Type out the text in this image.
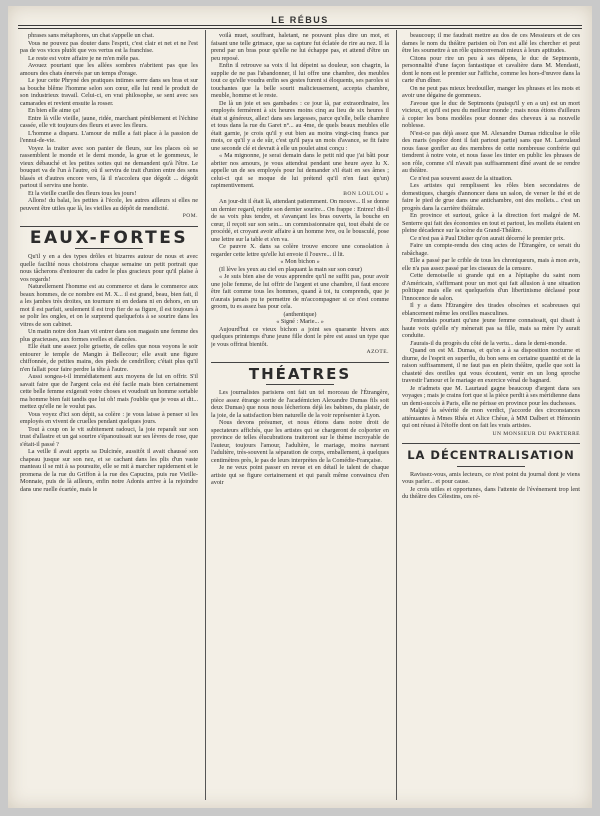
LE RÉBUS

phrases sans métaphores, un chat s'appelle un chat.

Vous ne pouvez pas douter dans l'esprit, c'est clair et net et ne l'est pas de vos vices plutôt que vos vertus est la franchise.

Le reste est votre affaire je ne m'en mêle pas.

Avouez pourtant que les allées sombres n'abritent pas que les amours des chats énervés par un temps d'orage.

Le jour cette Phryné des pratiques intimes serre dans ses bras et sur sa bouche blême l'homme selon son cœur, elle lui rend le produit de son industrieux travail. Celui-ci, en vrai philosophe, se sent avec ses camarades et revient ensuite la rosser.

En bien elle aime ça!

Entre là ville vieille, jaune, ridée, marchant péniblement et l'échine cassée, elle vit toujours des fleurs et avec les fleurs.

L'homme a disparu. L'amour de mille a fait place à la passion de l'ennui-de-vie.

Voyez la traiter avec son panier de fleurs, sur les places où se rassemblent le monde et le demi monde, la grue et le gommeux, le vieux débauché et les petites sottes qui ne demandent qu'à l'être. Le bouquet va de l'un à l'autre, où il servira de trait d'union entre des sens blasés et d'autres encore vers, là il n'accolera que dégoût ... dégoût partout il servira une honte.

Et la vieille cueille des fleurs tous les jours!

Allons! du balai, les petites à l'école, les autres ailleurs si elles ne peuvent être utiles que là, les vieilles au dépôt de mendicité.

POM.

EAUX-FORTES

Qu'il y en a des types drôles et bizarres autour de nous et avec quelle facilité nous choisirons chaque semaine un petit portrait que nous tâcherons d'entourer du cadre le plus gracieux pour qu'il plaise à vos regards!

Naturellement l'homme est au commerce et dans le commerce aux beaux hommes, de ce nombre est M. X... il est grand, beau, bien fait, il a les jambes très droites, un tournure ni en dedans ni en dehors, en un mot il est parfait, seulement il est trop fier de sa figure, il est toujours à se polir les ongles, et on le surprend quelquefois à se sourire dans les vitres de son cabinet.

Un matin notre don Juan vit entrer dans son magasin une femme des plus gracieuses, aux formes svelles et élancées.

Elle était une assez jolie grisette, de celles que nous voyons le soir entourer le temple de Mangin à Bellecour; elle avait une figure chiffonnée, de petites mains, des pieds de cendrillon; c'était plus qu'il n'en fallait pour faire perdre la tête à l'autre.

Aussi songea-t-il immédiatement aux moyens de lui en offrir. S'il savait faire que de l'argent cela est été facile mais bien certainement cette belle femme exigerait votre choses et voudrait un homme sortable ma homme bien fait tandis que lui oh! mais j'oublie que je vous ai dit... mettez qu'elle ne le voulut pas.

Vous voyez d'ici son dépit, sa colère : je vous laisse à penser si les employés en vivent de cruelles pendant quelques jours.

Tout à coup on le vit subitement radouci, la joie reparaît sur son trust d'allastre et un gai sourire s'épanouissait sur ses lèvres de rose, que s'était-il passé ?

La veille il avait appris sa Dulcinée, aussitôt il avait chaussé son chapeau jusque sur son nez, et se cachant dans les plis d'un vaste manteau il se mit à sa poursuite, elle se mit à marcher rapidement et le promena de la rue du Griffon à la rue des Capucins, puis rue Vieille-Monnaie, puis de là ailleurs, enfin notre Adonis arrive à la rejoindre dans une ruelle écartée, mais le

voilà muet, souffrant, haletant, ne pouvant plus dire un mot, et faisant une telle grimace, que sa capture fut éclatée de rire au nez. Il la prend par un bras pour qu'elle ne lui échappe pas, et attend d'être un peu reposé.

Enfin il retrouve sa voix il lui dépeint sa douleur, son chagrin, la supplie de ne pas l'abandonner, il lui offre une chambre, des meubles tout ce qu'elle voudra enfin ses gestes furent si éloquents, ses paroles si touchantes que la belle sourit malicieusement, accepta chambre, meuble, homme et le reste.

De là un joie et ses gambades : ce jour là, par extraordinaire, les employés fermèrent à six heures moins cinq au lieu de six heures il était si généreux, allez! dans ses largesses, parce qu'elle, belle chambre et tous dans la rue du Garet n°... au 4me, de quels beaux meubles elle était garnie, je crois qu'il y eut bien au moins vingt-cinq francs par mois, ce qu'il y a de sûr, c'est qu'il paya un mois d'avance, se fit faire une seconde clé et devrait à elle un poulet ainsi conçu :

« Ma mignonne, je serai demain dans le petit nid que j'ai bâti pour abriter nos amours, je vous attendrai pendant une heure ayez lu X. appelle un de ses employés pour lui demander s'il était en ses âmes ; celui-ci qui se moque de lui prétend qu'il n'en faut qu'un) rapimentivement.

BON LOULOU »

An jour-dit il était là, attendant patiemment. On mouve... Il se donne un dernier regard, rejette son dernier sourire... On frappe : Entrez! dit-il de sa voix plus tendre, et s'avançant les bras ouverts, la bouche en cœur, il reçoit sur son sein... un commissionnaire qui, tout ébahi de ce procédé, et croyant avoir affaire à un homme ivre, ou le bousculé, pose une lettre sur la table et s'en va.

Ce pauvre X. dans sa colère trouve encore une consolation à regarder cette lettre qu'elle lui envoie il l'ouvre... il lit.

« Mon bichon »

(Il lève les yeux au ciel en plaquant la main sur son cœur)

« Je suis bien aise de vous apprendre qu'il ne suffit pas, pour avoir une jolie femme, de lui offrir de l'argent et une chambre, il faut encore être fait comme tous les hommes, quand à toi, tu comprends, que je n'aurais jamais pu te permettre de m'accompagner si ce n'est comme groom, tu es assez bas pour cela.

(anthentique)

« Signé : Marie... »

Aujourd'hui ce vieux bichon a joint ses quarante hivers aux quelques printemps d'une jeune fille dont le père est aussi un type que je vous offrirai bientôt.

AZOTE.

THÉATRES

Les journalistes parisiens ont fait un tel morceau de l'Étrangère, pièce assez étrange sortie de l'académicien Alexandre Dumas fils soit deux Dumas) que nous nous lécherions déjà les babines, du plaisir, de la joie, de la satisfaction bien naturelle de la voir représenter à Lyon.

Nous devons présumer, et nous étions dans notre droit de spectateurs affichés, que les artistes qui se chargeront de colporter en province de telles élucubrations traiteront sur le thème incroyable de l'auteur, toujours l'amour, l'adultère, le mariage, moins navrant l'adultère, très-souvent la séparation de corps, emballement, à quelques centimètres près, le pas de leurs interprètes de la Comédie-Française.

Je ne veux point passer en revue et en détail le talent de chaque artiste qui se figure certainement et qui paraît même convaincu d'en avoir

beaucoup; il me faudrait mettre au dos de ces Messieurs et de ces dames le nom du théâtre parisien où l'on est allé les chercher et peut être les soumettre à un rôle quinconvenait mieux à leurs aptitudes.

Citons pour rire un peu à ses dépens, le duc de Septmonts, personnalité d'une façon fantastique et cavalière dans M. Mendasti, dont le nom est le premier sur l'affiche, comme les hors-d'œuvre dans la carte d'un dîner.

On ne peut pas mieux bredouiller, manger les phrases et les mots et avoir une dégaine de gommeux.

J'avoue que le duc de Septmonts (puisqu'il y en a un) est un mort vicieux, et qu'il est peu du meilleur monde ; mais nous étions d'ailleurs à copier les bons modèles pour donner des cheveux à sa nouvelle noblesse.

N'est-ce pas déjà assez que M. Alexandre Dumas ridiculise le rôle des maris (espèce dont il fait partout partie) sans que M. Laroulaud nous fasse gonfler au des membres de cette nombreuse confrérie qui tiendrent à notre vote, et nous fasse les tinter en public les phrases de son rôle, comme s'il n'avait pas suffisamment dîné avant de se rendre au théâtre.

Ce n'est pas souvent assez de la situation.

Les artistes qui remplissent les rôles bien secondaires de domestiques, chargés d'annoncer dans un salon, de verser le thé et de faire le pied de grue dans une antichambre, ont des mollets... c'est un progrès dans la carrière théâtrale.

En province et surtout, grâce à la direction fort malgré de M. Senterre qui fait des économies en tout et partout, les mollets étaient en pleine décadence sur la scène du Grand-Théâtre.

Ce n'est pas à Paul Didier qu'on aurait décerné le premier prix.

Faire un compte-rendu des cinq actes de l'Étrangère, ce serait du rabâchage.

Elle a passé par le crible de tous les chroniqueurs, mais à mon avis, elle n'a pas assez passé par les ciseaux de la censure.

Cette demoiselle si grande qui en a l'épitaphe du saint nom d'Américain, s'affirmant pour un mot qui fait allusion à une situation politique mais elle est quelquefois d'un libertinisme déclassé pour l'innocence de salon.

Il y a dans l'Étrangère des tirades obscènes et scabreuses qui eblancement même les oreilles masculines.

J'entendais pourtant qu'une jeune femme connaissait, qui disait à haute voix qu'elle n'y mènerait pas sa fille, mais sa mère l'y aurait conduite.

J'aurais-il du progrès du côté de la vertu... dans le demi-monde.

Quand on est M. Dumas, et qu'on a à sa disposition nocturne et diurne, de l'esprit en superflu, du bon sens en certaine quantité et de la raison suffisamment, il ne faut pas en plein théâtre, quelle que soit la chasteté des oreilles qui vous écoutent, venir en un long sproche travestir l'amour et le mariage en exercice vénal de bagnard.

Je n'admets que M. Laurtaud gagne beaucoup d'argent dans ses voyages ; mais je crains fort que si la pièce perdit à ses méridienne dans un demi-succès à Paris, elle ne périsse en province pour les duchesses.

Malgré la sévérité de mon verdict, j'accorde des circonstances atténuantes à Mmes Rhéa et Alice Chéue, à MM Dalbert et Hémonin qui ont réussi à l'étoffe dont on fait les vrais artistes.

UN MONSIEUR DU PARTERRE

LA DÉCENTRALISATION

Ravissez-vous, amis lecteurs, ce n'est point du journal dont je viens vous parler... et pour cause.

Je crois utiles et opportunes, dans l'attente de l'événement trop lent du théâtre des Célestins, ces ré-
